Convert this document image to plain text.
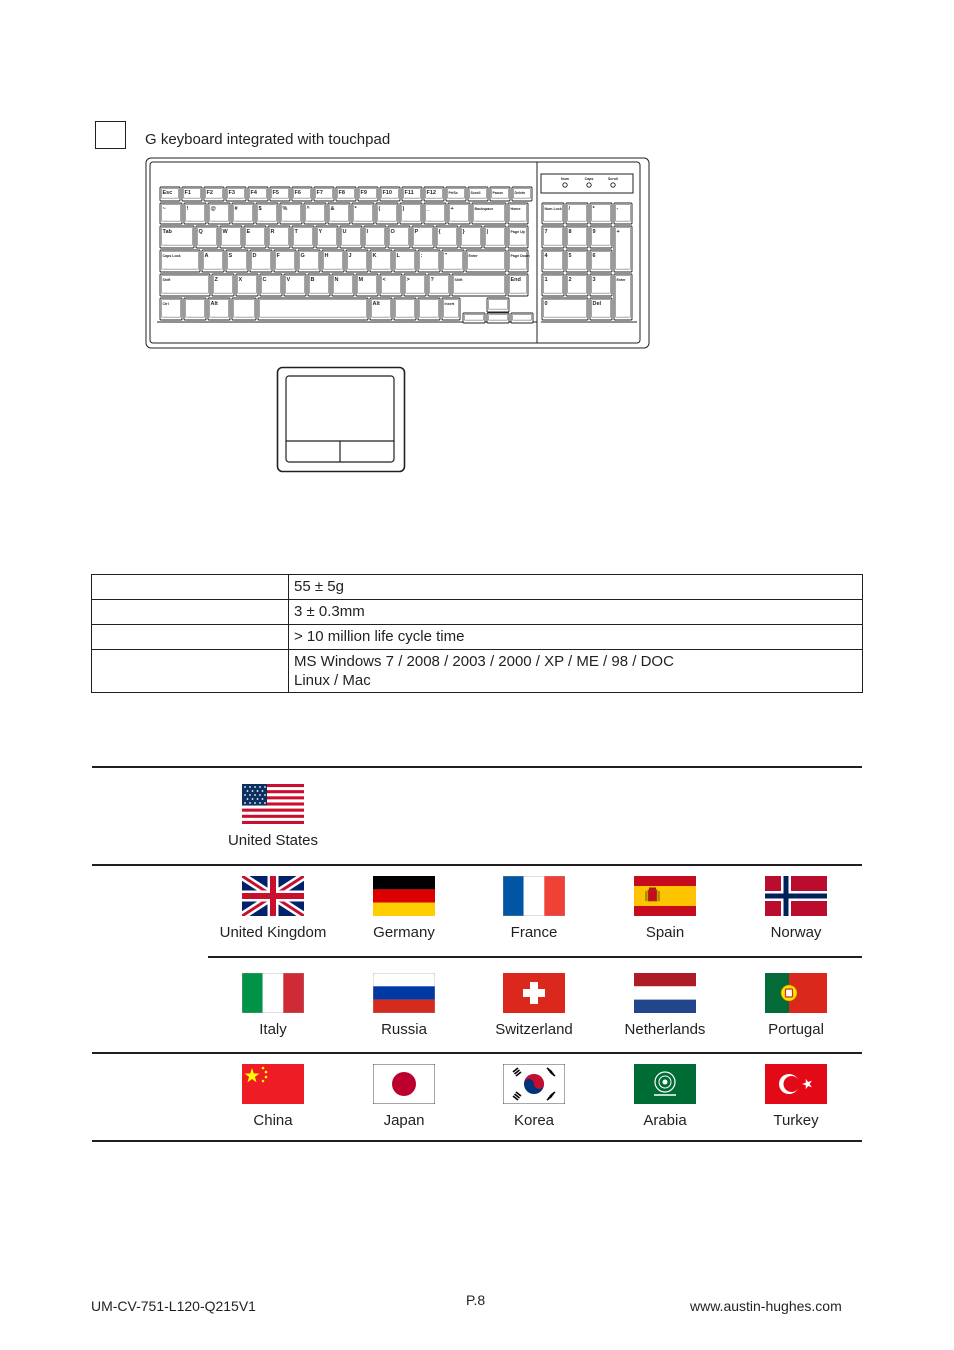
G keyboard integrated with touchpad
Esc F1	F2	F3	F4	F5	F6	F7	F8	F9	F10 F11 F12	PrtSc	Scroll	Pause	Delete
~	!	@	#	$	%	^	&	*	(	)	_	+	Backspace	Home
Tab	Q	W	E	R	T	Y	U	I	O	P	{	}	|	Page Up
Caps Lock	A	S	D	F	G	H	J	K	L	:	"	Enter	Page Down
Shift	Z	X	C	V	B	N	M	<	>	?	Shift	End
Ctrl	Alt	Alt	Insert
Num Lock /	*	-
7	8	9	+
4	5	6
1	2	3	Enter
0	Del
Num	Caps	Scroll
	55 ± 5g
	3 ± 0.3mm
	> 10 million life cycle time

	MS Windows 7 / 2008 / 2003 / 2000 / XP / ME / 98 / DOC
Linux / Mac
United States
United Kingdom	Germany	France	Spain	Norway
Italy	Russia	Switzerland	Netherlands	Portugal
China	Japan	Korea	Arabia	Turkey
UM-CV-751-L120-Q215V1	P.8	www.austin-hughes.com
